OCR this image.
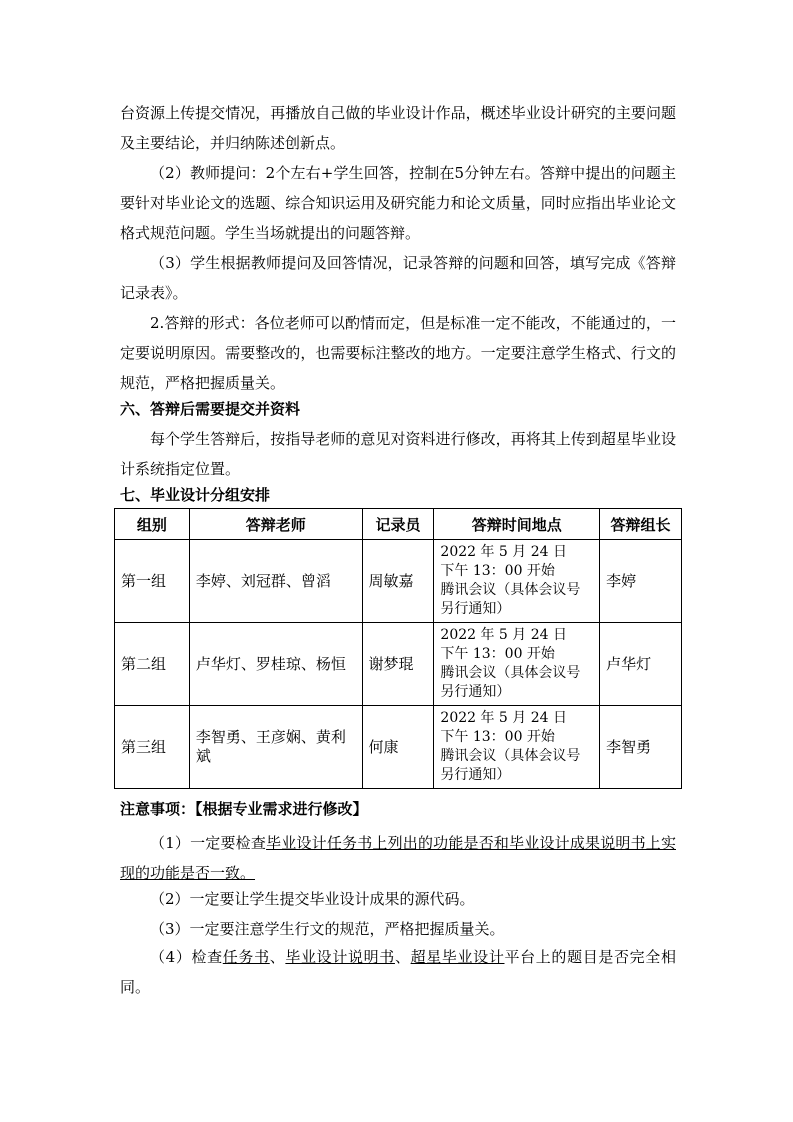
台资源上传提交情况，再播放自己做的毕业设计作品，概述毕业设计研究的主要问题及主要结论，并归纳陈述创新点。

（2）教师提问：2个左右+学生回答，控制在5分钟左右。答辩中提出的问题主要针对毕业论文的选题、综合知识运用及研究能力和论文质量，同时应指出毕业论文格式规范问题。学生当场就提出的问题答辩。

（3）学生根据教师提问及回答情况，记录答辩的问题和回答，填写完成《答辩记录表》。

2.答辩的形式：各位老师可以酌情而定，但是标准一定不能改，不能通过的，一定要说明原因。需要整改的，也需要标注整改的地方。一定要注意学生格式、行文的规范，严格把握质量关。

六、答辩后需要提交并资料

每个学生答辩后，按指导老师的意见对资料进行修改，再将其上传到超星毕业设计系统指定位置。

七、毕业设计分组安排
组别	答辩老师	记录员	答辩时间地点	答辩组长
第一组	李婷、刘冠群、曾滔	周敏嘉	2022 年 5 月 24 日
下午 13：00 开始
腾讯会议（具体会议号
另行通知）	李婷
第二组	卢华灯、罗桂琼、杨恒	谢梦琨	2022 年 5 月 24 日
下午 13：00 开始
腾讯会议（具体会议号
另行通知）	卢华灯
第三组	李智勇、王彦娴、黄利斌	何康	2022 年 5 月 24 日
下午 13：00 开始
腾讯会议（具体会议号
另行通知）	李智勇
注意事项：【根据专业需求进行修改】

（1）一定要检查毕业设计任务书上列出的功能是否和毕业设计成果说明书上实现的功能是否一致。

（2）一定要让学生提交毕业设计成果的源代码。

（3）一定要注意学生行文的规范，严格把握质量关。

（4）检查任务书、毕业设计说明书、超星毕业设计平台上的题目是否完全相同。
